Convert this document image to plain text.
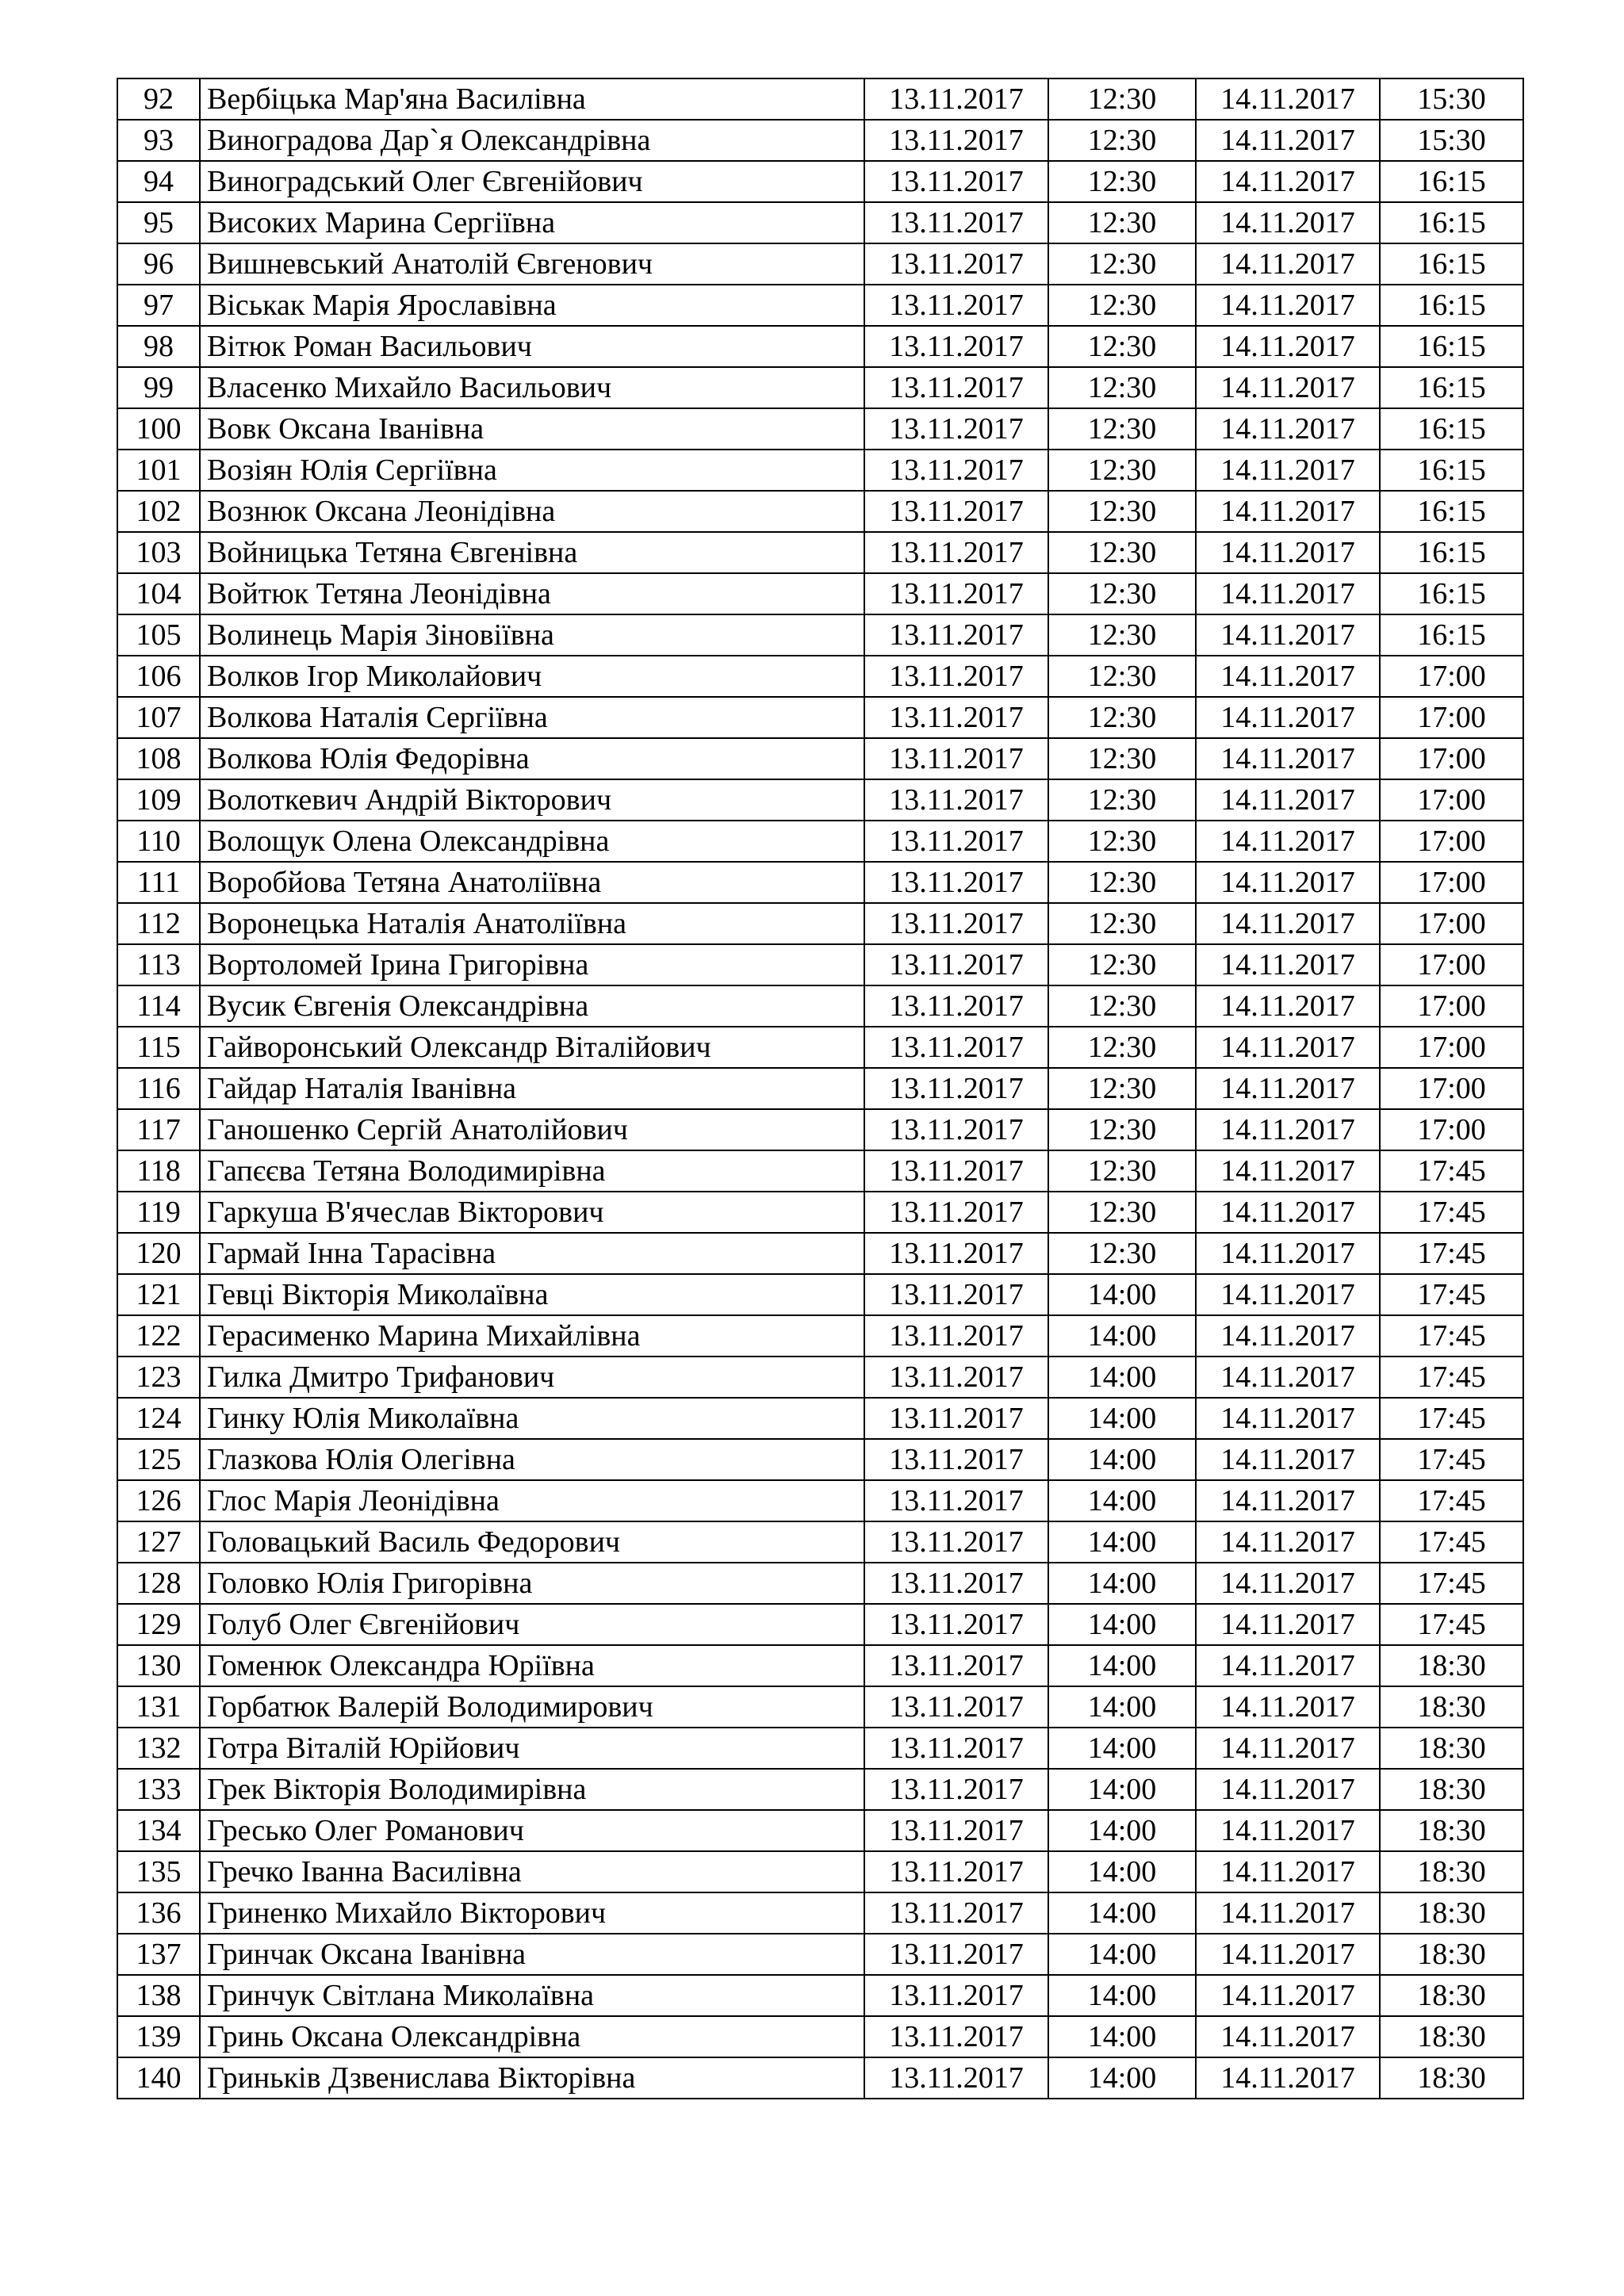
92	Вербіцька Мар'яна Василівна	13.11.2017	12:30	14.11.2017	15:30
93	Виноградова Дар`я Олександрівна	13.11.2017	12:30	14.11.2017	15:30
94	Виноградський Олег Євгенійович	13.11.2017	12:30	14.11.2017	16:15
95	Високих Марина Сергіївна	13.11.2017	12:30	14.11.2017	16:15
96	Вишневський Анатолій Євгенович	13.11.2017	12:30	14.11.2017	16:15
97	Віськак Марія Ярославівна	13.11.2017	12:30	14.11.2017	16:15
98	Вітюк Роман Васильович	13.11.2017	12:30	14.11.2017	16:15
99	Власенко Михайло Васильович	13.11.2017	12:30	14.11.2017	16:15
100	Вовк Оксана Іванівна	13.11.2017	12:30	14.11.2017	16:15
101	Возіян Юлія Сергіївна	13.11.2017	12:30	14.11.2017	16:15
102	Вознюк Оксана Леонідівна	13.11.2017	12:30	14.11.2017	16:15
103	Войницька Тетяна Євгенівна	13.11.2017	12:30	14.11.2017	16:15
104	Войтюк Тетяна Леонідівна	13.11.2017	12:30	14.11.2017	16:15
105	Волинець Марія Зіновіївна	13.11.2017	12:30	14.11.2017	16:15
106	Волков Ігор Миколайович	13.11.2017	12:30	14.11.2017	17:00
107	Волкова Наталія Сергіївна	13.11.2017	12:30	14.11.2017	17:00
108	Волкова Юлія Федорівна	13.11.2017	12:30	14.11.2017	17:00
109	Волоткевич Андрій Вікторович	13.11.2017	12:30	14.11.2017	17:00
110	Волощук Олена Олександрівна	13.11.2017	12:30	14.11.2017	17:00
111	Воробйова Тетяна Анатоліївна	13.11.2017	12:30	14.11.2017	17:00
112	Воронецька Наталія Анатоліївна	13.11.2017	12:30	14.11.2017	17:00
113	Вортоломей Ірина Григорівна	13.11.2017	12:30	14.11.2017	17:00
114	Вусик Євгенія Олександрівна	13.11.2017	12:30	14.11.2017	17:00
115	Гайворонський Олександр Віталійович	13.11.2017	12:30	14.11.2017	17:00
116	Гайдар Наталія Іванівна	13.11.2017	12:30	14.11.2017	17:00
117	Ганошенко Сергій Анатолійович	13.11.2017	12:30	14.11.2017	17:00
118	Гапєєва Тетяна Володимирівна	13.11.2017	12:30	14.11.2017	17:45
119	Гаркуша В'ячеслав Вікторович	13.11.2017	12:30	14.11.2017	17:45
120	Гармай Інна Тарасівна	13.11.2017	12:30	14.11.2017	17:45
121	Гевці Вікторія Миколаївна	13.11.2017	14:00	14.11.2017	17:45
122	Герасименко Марина Михайлівна	13.11.2017	14:00	14.11.2017	17:45
123	Гилка Дмитро Трифанович	13.11.2017	14:00	14.11.2017	17:45
124	Гинку Юлія Миколаївна	13.11.2017	14:00	14.11.2017	17:45
125	Глазкова Юлія Олегівна	13.11.2017	14:00	14.11.2017	17:45
126	Глос Марія Леонідівна	13.11.2017	14:00	14.11.2017	17:45
127	Головацький Василь Федорович	13.11.2017	14:00	14.11.2017	17:45
128	Головко Юлія Григорівна	13.11.2017	14:00	14.11.2017	17:45
129	Голуб Олег Євгенійович	13.11.2017	14:00	14.11.2017	17:45
130	Гоменюк Олександра Юріївна	13.11.2017	14:00	14.11.2017	18:30
131	Горбатюк Валерій Володимирович	13.11.2017	14:00	14.11.2017	18:30
132	Готра Віталій Юрійович	13.11.2017	14:00	14.11.2017	18:30
133	Грек Вікторія Володимирівна	13.11.2017	14:00	14.11.2017	18:30
134	Гресько Олег Романович	13.11.2017	14:00	14.11.2017	18:30
135	Гречко Іванна Василівна	13.11.2017	14:00	14.11.2017	18:30
136	Гриненко Михайло Вікторович	13.11.2017	14:00	14.11.2017	18:30
137	Гринчак Оксана Іванівна	13.11.2017	14:00	14.11.2017	18:30
138	Гринчук Світлана Миколаївна	13.11.2017	14:00	14.11.2017	18:30
139	Гринь Оксана Олександрівна	13.11.2017	14:00	14.11.2017	18:30
140	Гриньків Дзвенислава Вікторівна	13.11.2017	14:00	14.11.2017	18:30
